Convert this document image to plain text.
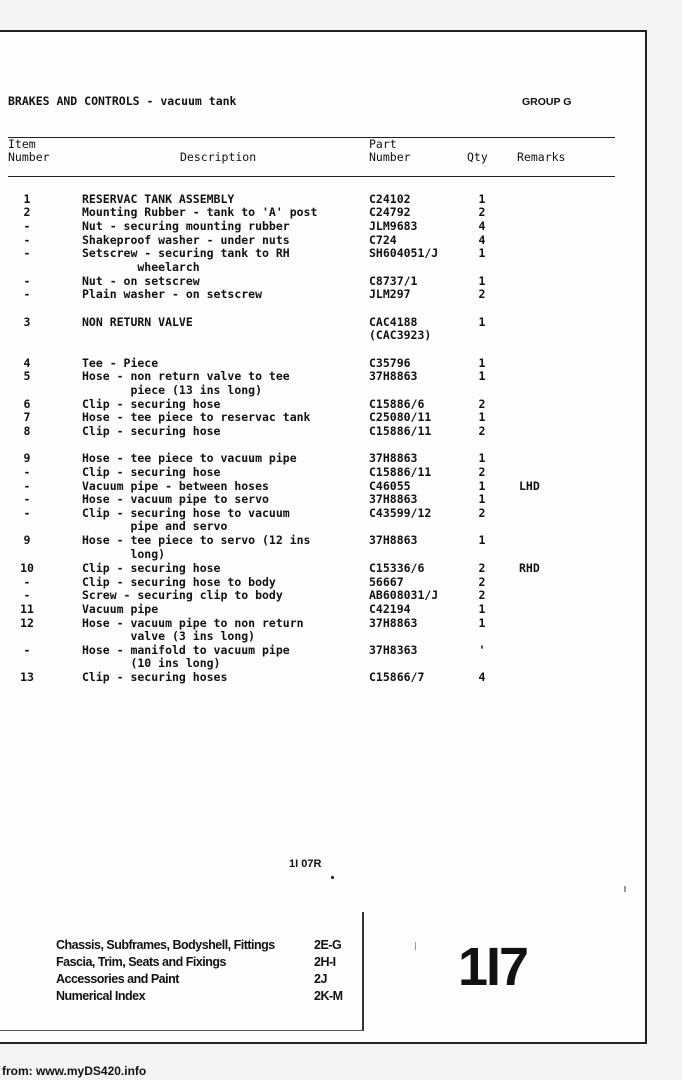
BRAKES AND CONTROLS - vacuum tank	GROUP G
Item
Number	Description
Part
Number	Qty	Remarks
1	RESERVAC TANK ASSEMBLY	C24102	1
2	Mounting Rubber - tank to 'A' post	C24792	2
-	Nut - securing mounting rubber	JLM9683	4
-	Shakeproof washer - under nuts	C724	4
-	Setscrew - securing tank to RH	SH604051/J	1
wheelarch
-	Nut - on setscrew	C8737/1	1
-	Plain washer - on setscrew	JLM297	2
3	NON RETURN VALVE	CAC4188	1
(CAC3923)
4	Tee - Piece	C35796	1
5	Hose - non return valve to tee	37H8863	1
piece (13 ins long)
6	Clip - securing hose	C15886/6	2
7	Hose - tee piece to reservac tank	C25080/11	1
8	Clip - securing hose	C15886/11	2
9	Hose - tee piece to vacuum pipe	37H8863	1
-	Clip - securing hose	C15886/11	2
-	Vacuum pipe - between hoses	C46055	1	LHD
-	Hose - vacuum pipe to servo	37H8863	1
-	Clip - securing hose to vacuum	C43599/12	2
pipe and servo
9	Hose - tee piece to servo (12 ins	37H8863	1
long)
10	Clip - securing hose	C15336/6	2	RHD
-	Clip - securing hose to body	56667	2
-	Screw - securing clip to body	AB608031/J	2
11	Vacuum pipe	C42194	1
12	Hose - vacuum pipe to non return	37H8863	1
valve (3 ins long)
-	Hose - manifold to vacuum pipe	37H8363	'
(10 ins long)
13	Clip - securing hoses	C15866/7	4
1I 07R
Chassis, Subframes, Bodyshell, Fittings	2E-G
Fascia, Trim, Seats and Fixings	2H-I
Accessories and Paint	2J
Numerical Index	2K-M 1I7
from: www.myDS420.info
